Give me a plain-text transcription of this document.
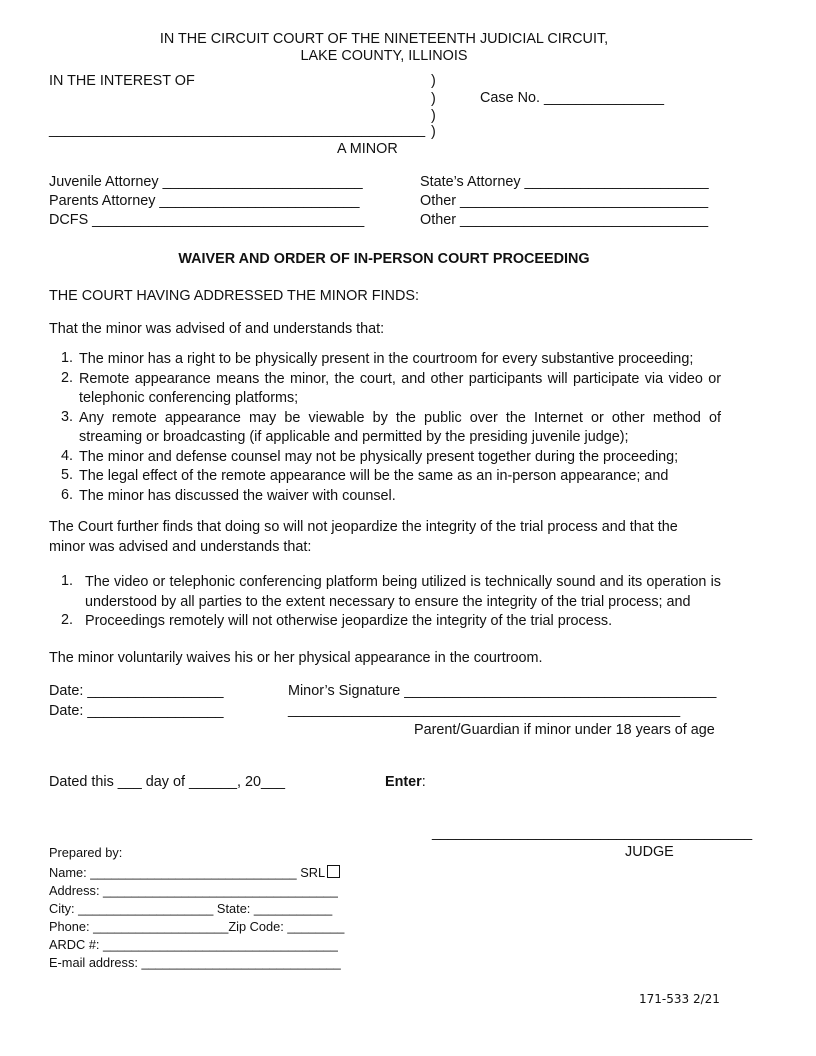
IN THE CIRCUIT COURT OF THE NINETEENTH JUDICIAL CIRCUIT,
LAKE COUNTY, ILLINOIS
IN THE INTEREST OF	)
)
)
)
Case No. _______________
_______________________________________________
A MINOR
Juvenile Attorney _________________________
Parents Attorney _________________________
DCFS __________________________________
State’s Attorney _______________________
Other _______________________________
Other _______________________________
WAIVER AND ORDER OF IN-PERSON COURT PROCEEDING
THE COURT HAVING ADDRESSED THE MINOR FINDS:
That the minor was advised of and understands that:
1. The minor has a right to be physically present in the courtroom for every substantive proceeding;
2. Remote appearance means the minor, the court, and other participants will participate via video or telephonic conferencing platforms;
3. Any remote appearance may be viewable by the public over the Internet or other method of streaming or broadcasting (if applicable and permitted by the presiding juvenile judge);
4. The minor and defense counsel may not be physically present together during the proceeding;
5. The legal effect of the remote appearance will be the same as an in-person appearance; and
6. The minor has discussed the waiver with counsel.
The Court further finds that doing so will not jeopardize the integrity of the trial process and that the minor was advised and understands that:
1. The video or telephonic conferencing platform being utilized is technically sound and its operation is understood by all parties to the extent necessary to ensure the integrity of the trial process; and
2. Proceedings remotely will not otherwise jeopardize the integrity of the trial process.
The minor voluntarily waives his or her physical appearance in the courtroom.
Date: _________________
Date: _________________
Minor’s Signature _______________________________________
_________________________________________________
Parent/Guardian if minor under 18 years of age
Dated this ___ day of ______, 20___	Enter:
________________________________________
JUDGE
Prepared by:
Name: _____________________________ SRL
Address: _________________________________
City: ___________________ State: ___________
Phone: ___________________Zip Code: ________
ARDC #: _________________________________
E-mail address: ____________________________
171-533 2/21
